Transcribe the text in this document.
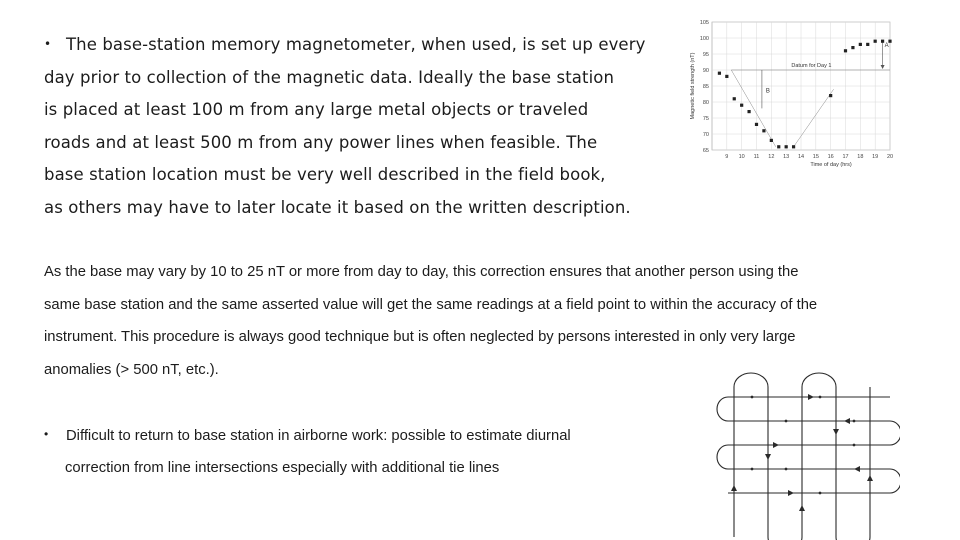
• The base-station memory magnetometer, when used, is set up every
day prior to collection of the magnetic data. Ideally the base station
is placed at least 100 m from any large metal objects or traveled
roads and at least 500 m from any power lines when feasible. The
base station location must be very well described in the field book,
as others may have to later locate it based on the written description.
As the base may vary by 10 to 25 nT or more from day to day, this correction ensures that another person using the
same base station and the same asserted value will get the same readings at a field point to within the accuracy of the
instrument. This procedure is always good technique but is often neglected by persons interested in only very large
anomalies (> 500 nT, etc.).
• Difficult to return to base station in airborne work: possible to estimate diurnal
correction from line intersections especially with additional tie lines
65
70
75
80
85
90
95
100
105
9 10 11 12 13 14 15 16 17 18 19 20
Time of day (hrs)
Magnetic field strength (nT)	Datum for Day 1
A
B
